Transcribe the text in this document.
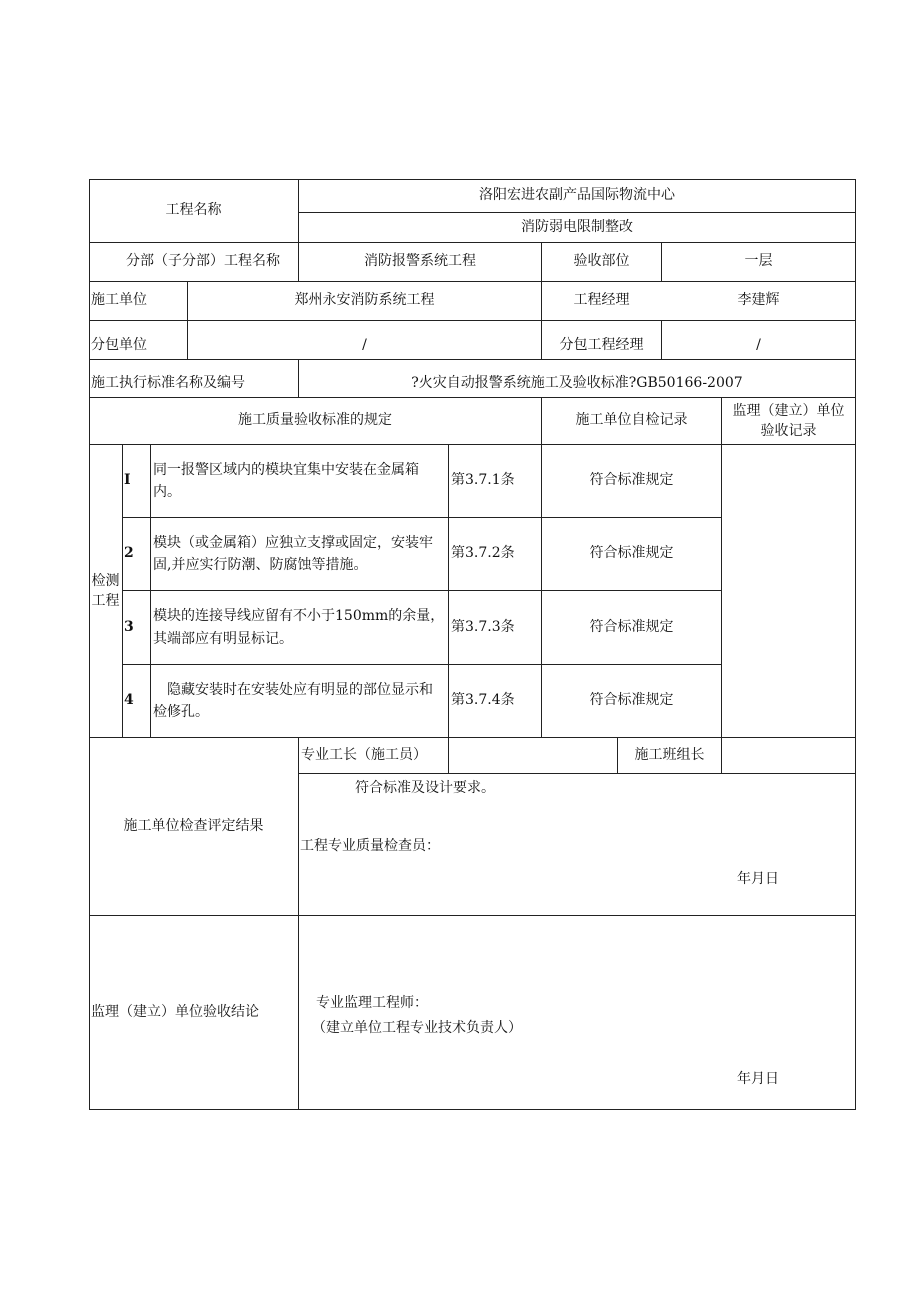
工程名称
洛阳宏进农副产品国际物流中心
消防弱电限制整改
分部（子分部）工程名称	消防报警系统工程	验收部位	一层
施工单位	郑州永安消防系统工程	工程经理	李建辉
分包单位	/	分包工程经理	/
施工执行标准名称及编号	?火灾自动报警系统施工及验收标准?GB50166-2007
施工质量验收标准的规定	施工单位自检记录
监理（建立）单位
验收记录
检测
工程
I
同一报警区域内的模块宜集中安装在金属箱内。
第3.7.1条	符合标准规定
2
模块（或金属箱）应独立支撑或固定，安装牢固,并应实行防潮、防腐蚀等措施。
第3.7.2条	符合标准规定
3
模块的连接导线应留有不小于150mm的余量，其端部应有明显标记。
第3.7.3条	符合标准规定
4
隐藏安装时在安装处应有明显的部位显示和检修孔。
第3.7.4条	符合标准规定
专业工长（施工员）	施工班组长
施工单位检查评定结果
符合标准及设计要求。
工程专业质量检查员：
年月日
监理（建立）单位验收结论
专业监理工程师：
（建立单位工程专业技术负责人）
年月日
